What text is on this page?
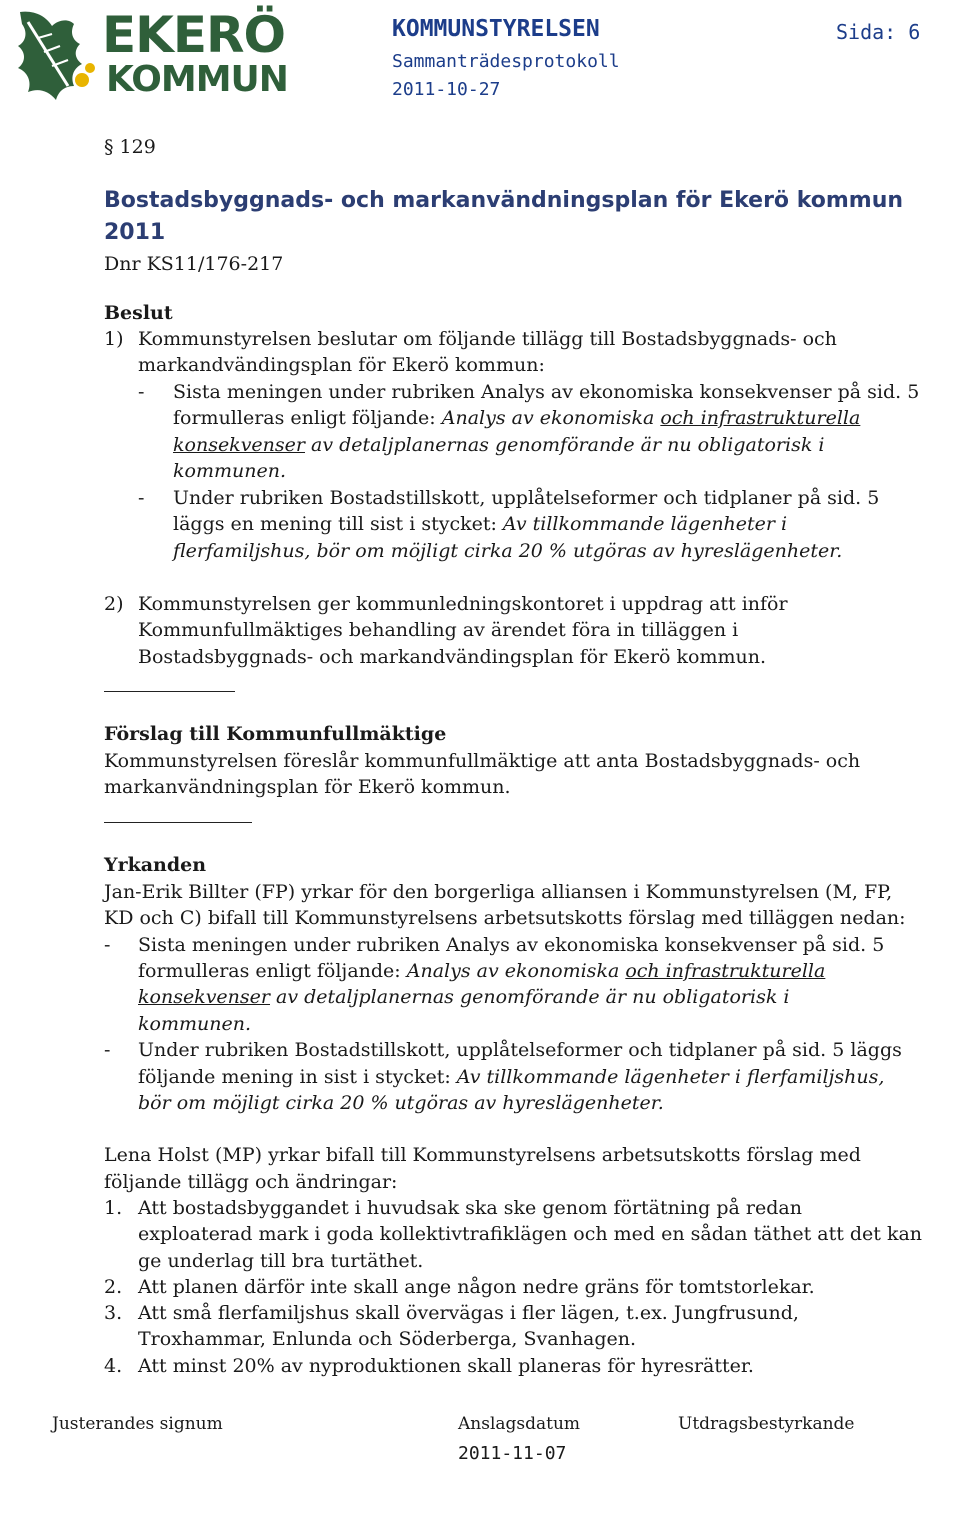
EKERÖ
KOMMUN
KOMMUNSTYRELSEN	Sida: 6
Sammanträdesprotokoll
2011-10-27
§ 129
Bostadsbyggnads- och markanvändningsplan för Ekerö kommun
2011
Dnr KS11/176-217
Beslut
1) Kommunstyrelsen beslutar om följande tillägg till Bostadsbyggnads- och
markandvändingsplan för Ekerö kommun:
- Sista meningen under rubriken Analys av ekonomiska konsekvenser på sid. 5
formulleras enligt följande: Analys av ekonomiska och infrastrukturella
konsekvenser av detaljplanernas genomförande är nu obligatorisk i
kommunen.
- Under rubriken Bostadstillskott, upplåtelseformer och tidplaner på sid. 5
läggs en mening till sist i stycket: Av tillkommande lägenheter i
flerfamiljshus, bör om möjligt cirka 20 % utgöras av hyreslägenheter.
2) Kommunstyrelsen ger kommunledningskontoret i uppdrag att inför
Kommunfullmäktiges behandling av ärendet föra in tilläggen i
Bostadsbyggnads- och markandvändingsplan för Ekerö kommun.
Förslag till Kommunfullmäktige
Kommunstyrelsen föreslår kommunfullmäktige att anta Bostadsbyggnads- och
markanvändningsplan för Ekerö kommun.
Yrkanden
Jan-Erik Billter (FP) yrkar för den borgerliga alliansen i Kommunstyrelsen (M, FP,
KD och C) bifall till Kommunstyrelsens arbetsutskotts förslag med tilläggen nedan:
- Sista meningen under rubriken Analys av ekonomiska konsekvenser på sid. 5
formulleras enligt följande: Analys av ekonomiska och infrastrukturella
konsekvenser av detaljplanernas genomförande är nu obligatorisk i
kommunen.
- Under rubriken Bostadstillskott, upplåtelseformer och tidplaner på sid. 5 läggs
följande mening in sist i stycket: Av tillkommande lägenheter i flerfamiljshus,
bör om möjligt cirka 20 % utgöras av hyreslägenheter.
Lena Holst (MP) yrkar bifall till Kommunstyrelsens arbetsutskotts förslag med
följande tillägg och ändringar:
1. Att bostadsbyggandet i huvudsak ska ske genom förtätning på redan
exploaterad mark i goda kollektivtrafiklägen och med en sådan täthet att det kan
ge underlag till bra turtäthet.
2. Att planen därför inte skall ange någon nedre gräns för tomtstorlekar.
3. Att små flerfamiljshus skall övervägas i fler lägen, t.ex. Jungfrusund,
Troxhammar, Enlunda och Söderberga, Svanhagen.
4. Att minst 20% av nyproduktionen skall planeras för hyresrätter.
Justerandes signum	Anslagsdatum	Utdragsbestyrkande
2011-11-07
